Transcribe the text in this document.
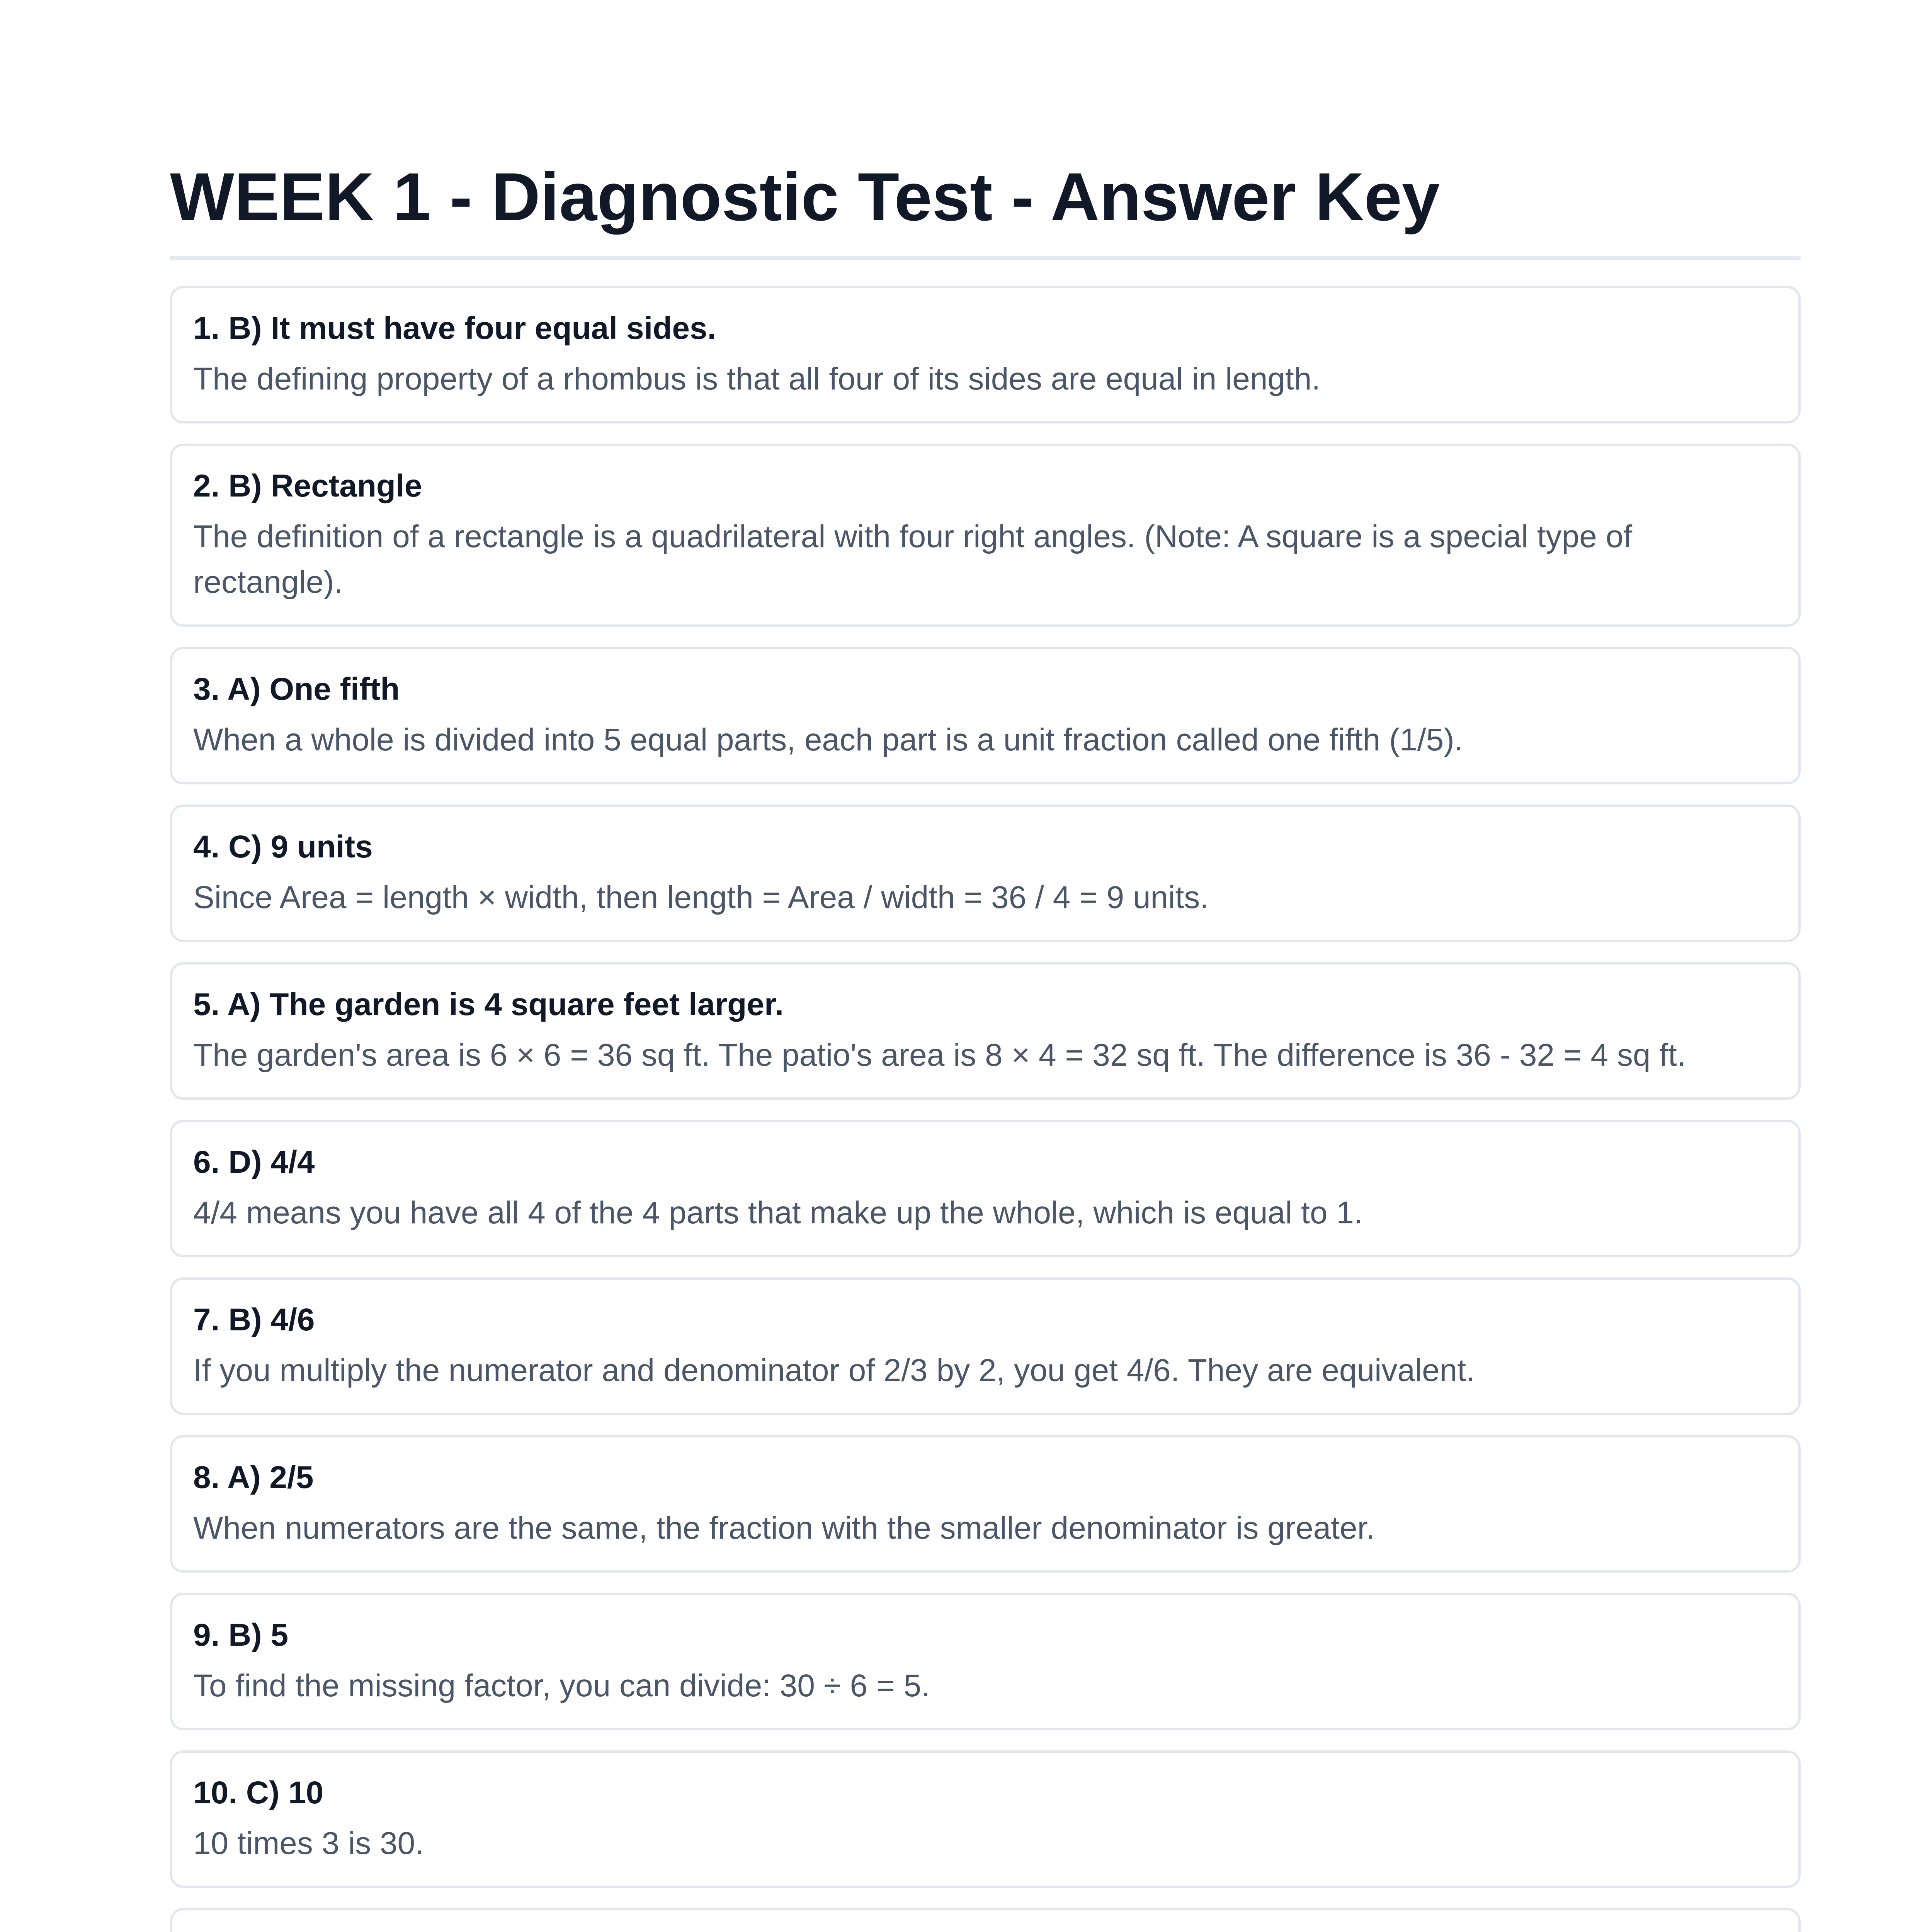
WEEK 1 - Diagnostic Test - Answer Key
1. B) It must have four equal sides.
The defining property of a rhombus is that all four of its sides are equal in length.
2. B) Rectangle
The definition of a rectangle is a quadrilateral with four right angles. (Note: A square is a special type of rectangle).
3. A) One fifth
When a whole is divided into 5 equal parts, each part is a unit fraction called one fifth (1/5).
4. C) 9 units
Since Area = length × width, then length = Area / width = 36 / 4 = 9 units.
5. A) The garden is 4 square feet larger.
The garden's area is 6 × 6 = 36 sq ft. The patio's area is 8 × 4 = 32 sq ft. The difference is 36 - 32 = 4 sq ft.
6. D) 4/4
4/4 means you have all 4 of the 4 parts that make up the whole, which is equal to 1.
7. B) 4/6
If you multiply the numerator and denominator of 2/3 by 2, you get 4/6. They are equivalent.
8. A) 2/5
When numerators are the same, the fraction with the smaller denominator is greater.
9. B) 5
To find the missing factor, you can divide: 30 ÷ 6 = 5.
10. C) 10
10 times 3 is 30.
